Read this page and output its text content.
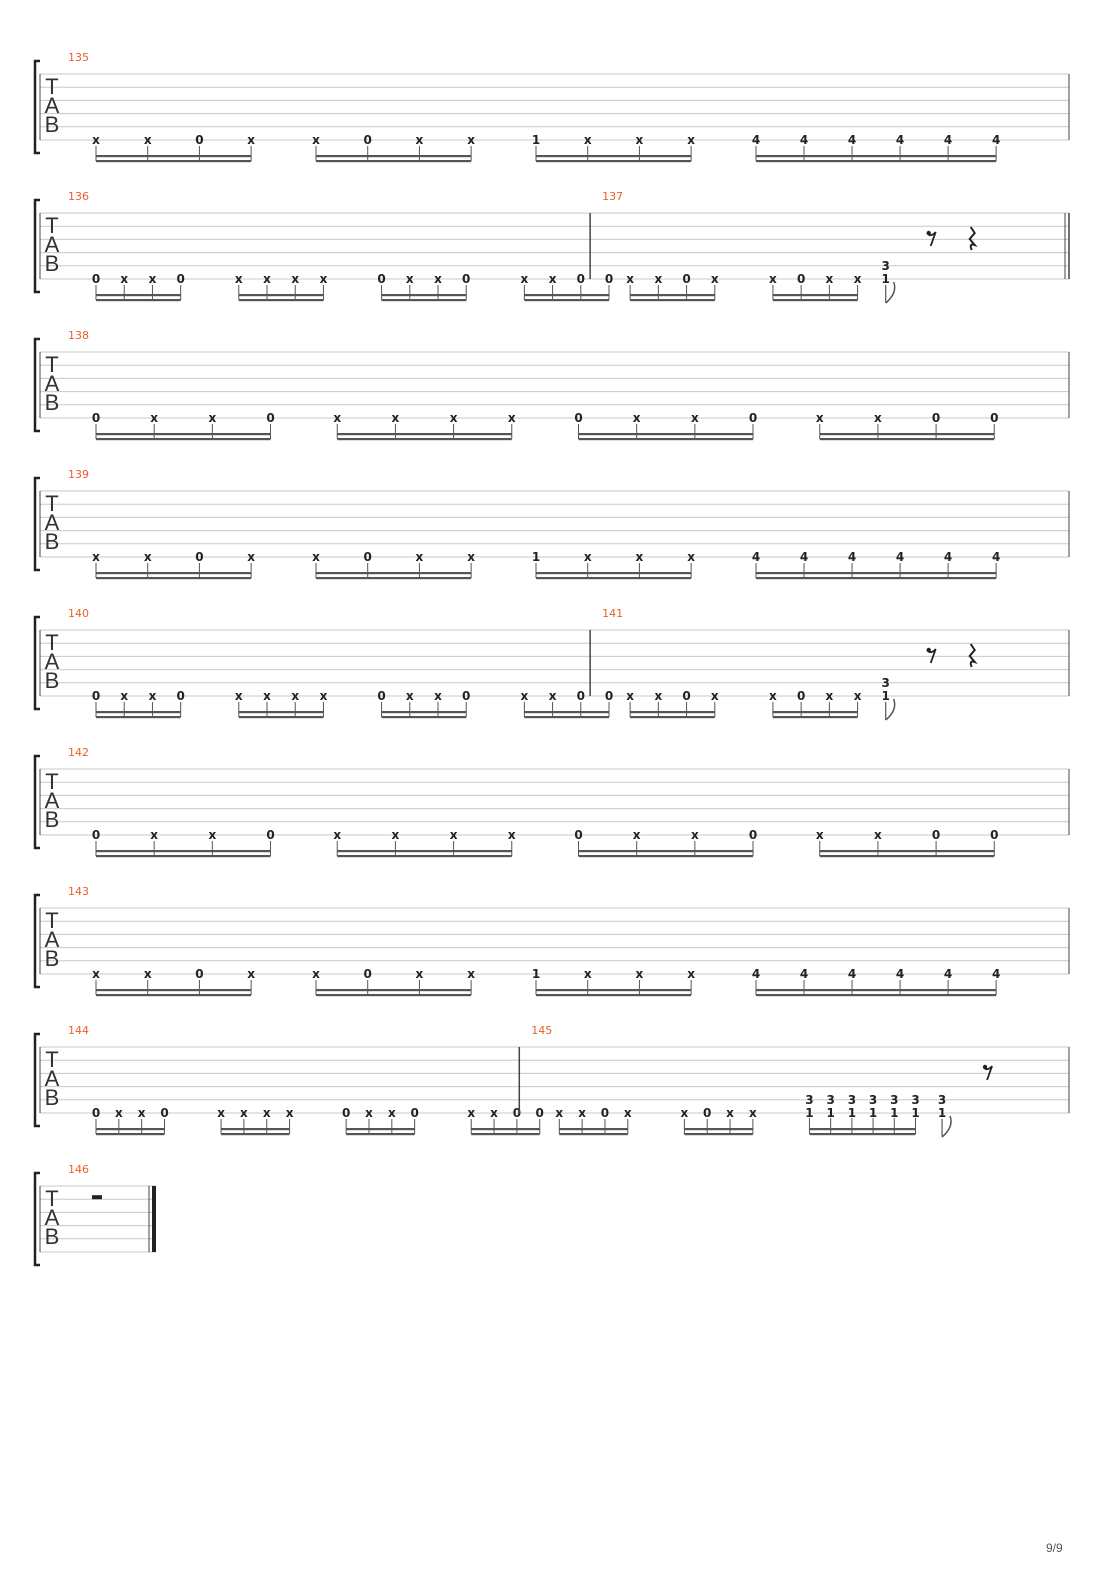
T
A
B
135
x	x	0	x	x	0	x	x	1	x	x	x	4	4	4	4	4	4
T
A
B
136
0 x x 0	x x x x	0 x x 0	x x 0 0
137
x x 0 x	x 0 x x
3
1
T
A
B
138
0	x	x	0	x	x	x	x	0	x	x	0	x	x	0	0
T
A
B
139
x	x	0	x	x	0	x	x	1	x	x	x	4	4	4	4	4	4
T
A
B
140
0 x x 0	x x x x	0 x x 0	x x 0 0
141
x x 0 x	x 0 x x
3
1
T
A
B
142
0	x	x	0	x	x	x	x	0	x	x	0	x	x	0	0
T
A
B
143
x	x	0	x	x	0	x	x	1	x	x	x	4	4	4	4	4	4
T
A
B
144
0 x x 0	x x x x	0 x x 0	x x 0 0
145
x x 0 x	x 0 x x
3
1
3
1
3
1
3
1
3
1
3
1
3
1
T
A
B
146
9/9
